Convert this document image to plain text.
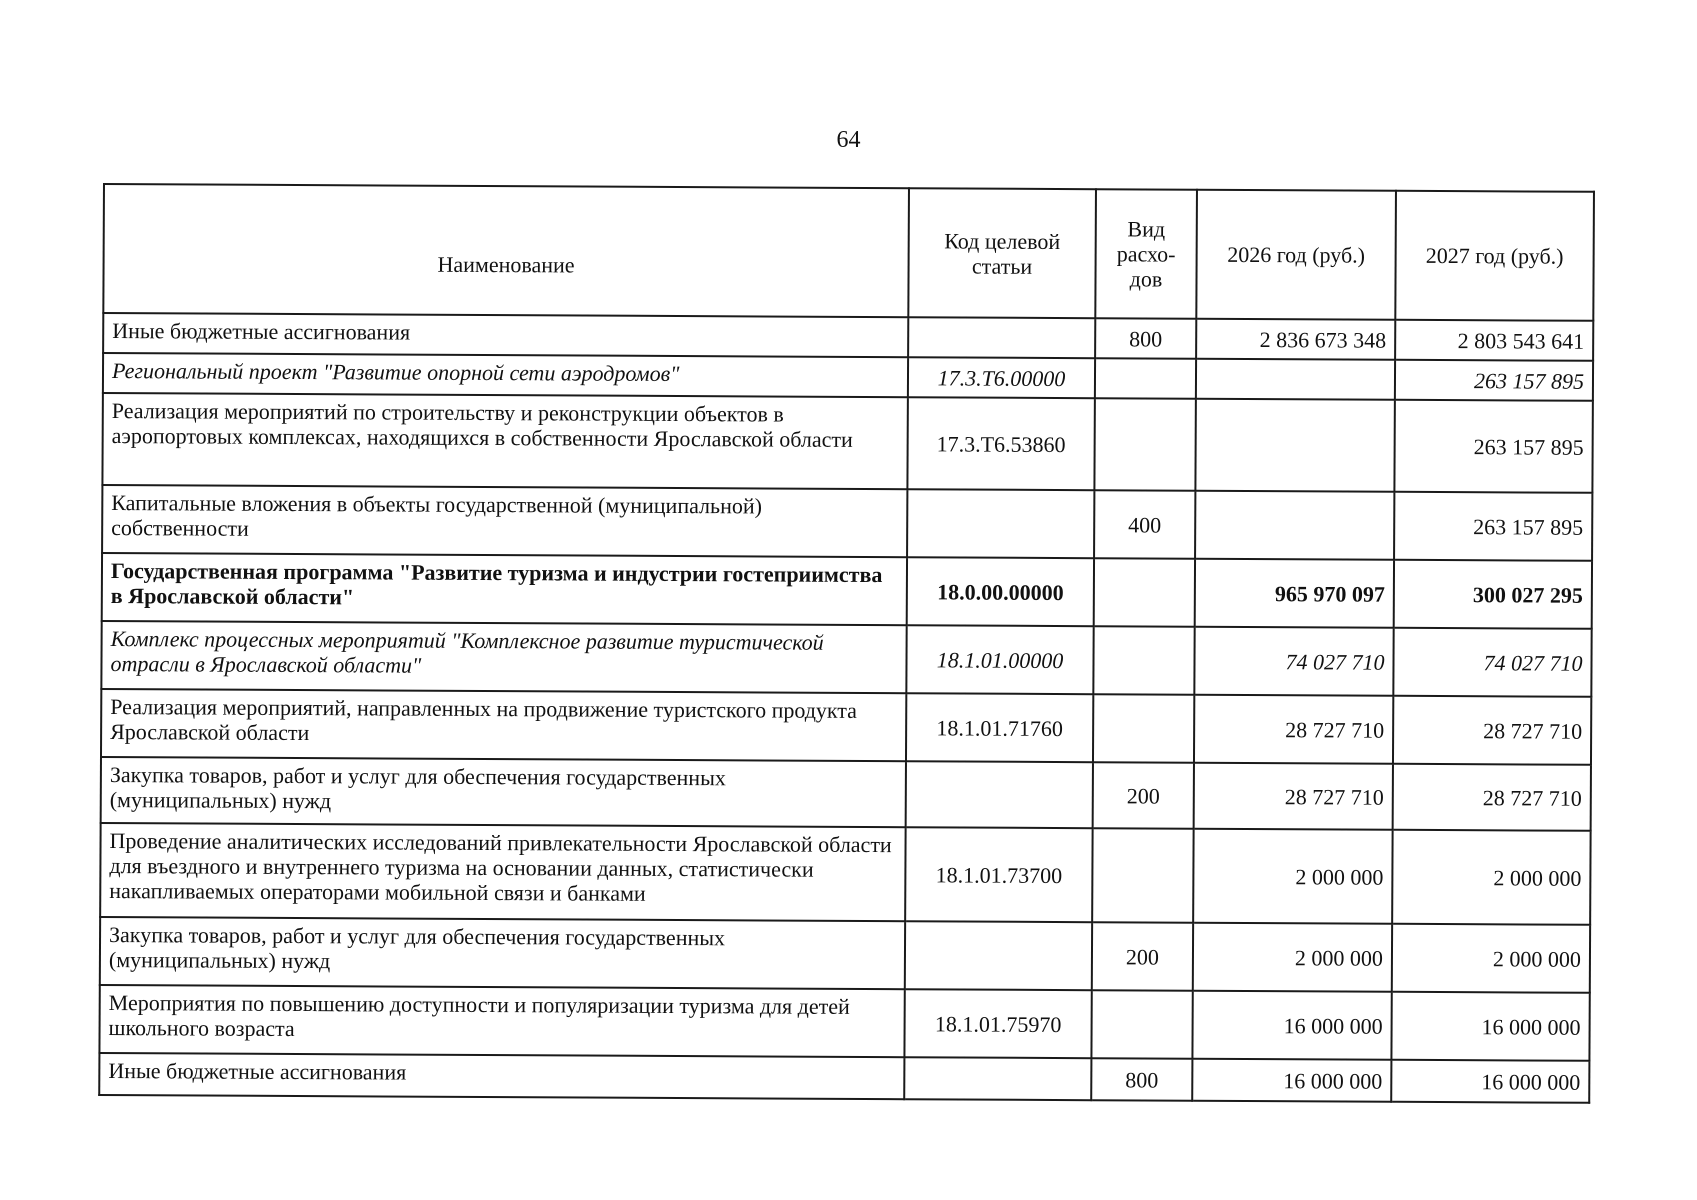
64
Наименование	Код целевой статьи	Вид расхо-дов	2026 год (руб.)	2027 год (руб.)
Иные бюджетные ассигнования		800	2 836 673 348	2 803 543 641
Региональный проект "Развитие опорной сети аэродромов"	17.3.Т6.00000			263 157 895
Реализация мероприятий по строительству и реконструкции объектов в аэропортовых комплексах, находящихся в собственности Ярославской области	17.3.Т6.53860			263 157 895
Капитальные вложения в объекты государственной (муниципальной) собственности		400		263 157 895
Государственная программа "Развитие туризма и индустрии гостеприимства в Ярославской области"	18.0.00.00000		965 970 097	300 027 295
Комплекс процессных мероприятий "Комплексное развитие туристической отрасли в Ярославской области"	18.1.01.00000		74 027 710	74 027 710
Реализация мероприятий, направленных на продвижение туристского продукта Ярославской области	18.1.01.71760		28 727 710	28 727 710
Закупка товаров, работ и услуг для обеспечения государственных (муниципальных) нужд		200	28 727 710	28 727 710
Проведение аналитических исследований привлекательности Ярославской области для въездного и внутреннего туризма на основании данных, статистически накапливаемых операторами мобильной связи и банками	18.1.01.73700		2 000 000	2 000 000
Закупка товаров, работ и услуг для обеспечения государственных (муниципальных) нужд		200	2 000 000	2 000 000
Мероприятия по повышению доступности и популяризации туризма для детей школьного возраста	18.1.01.75970		16 000 000	16 000 000
Иные бюджетные ассигнования		800	16 000 000	16 000 000
